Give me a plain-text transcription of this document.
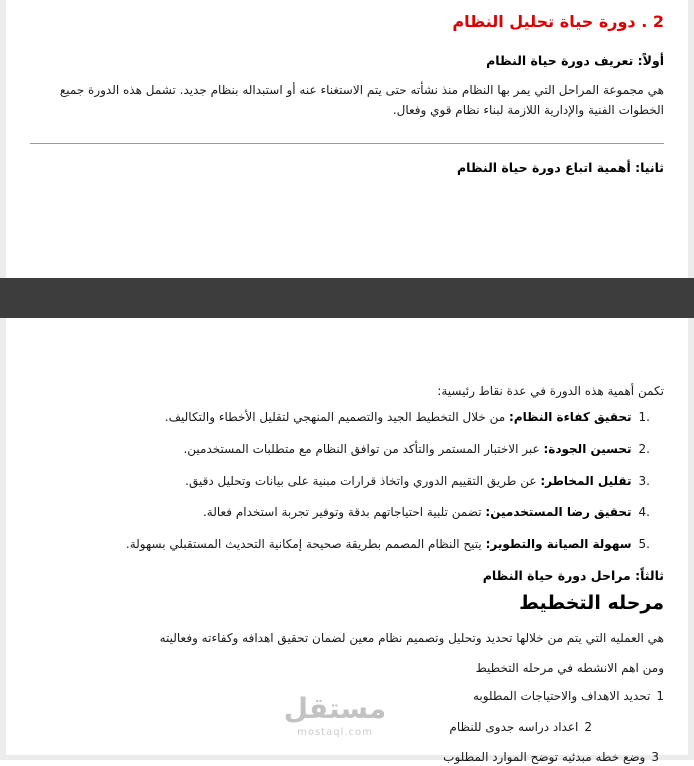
مستقل
mostaql.com
2 . دورة حياة تحليل النظام
أولاً: تعريف دورة حياة النظام

هي مجموعة المراحل التي يمر بها النظام منذ نشأته حتى يتم الاستغناء عنه أو استبداله بنظام جديد. تشمل هذه الدورة جميع الخطوات الفنية والإدارية اللازمة لبناء نظام قوي وفعال.

ثانيا: أهمية اتباع دورة حياة النظام

تكمن أهمية هذه الدورة في عدة نقاط رئيسية:

1.تحقيق كفاءة النظام: من خلال التخطيط الجيد والتصميم المنهجي لتقليل الأخطاء والتكاليف.
2.تحسين الجودة: عبر الاختبار المستمر والتأكد من توافق النظام مع متطلبات المستخدمين.
3.تقليل المخاطر: عن طريق التقييم الدوري واتخاذ قرارات مبنية على بيانات وتحليل دقيق.
4.تحقيق رضا المستخدمين: تضمن تلبية احتياجاتهم بدقة وتوفير تجربة استخدام فعالة.
5.سهولة الصيانة والتطوير: يتيح النظام المصمم بطريقة صحيحة إمكانية التحديث المستقبلي بسهولة.
ثالثاً: مراحل دورة حياة النظام
مرحله التخطيط

هي العمليه التي يتم من خلالها تحديد وتحليل وتصميم نظام معين لضمان تحقيق اهدافه وكفاءته وفعاليته

ومن اهم الانشطه في مرحله التخطيط

1تحديد الاهداف والاحتياجات المطلوبه
2اعداد دراسه جدوى للنظام
3وضع خطه مبدئيه توضح الموارد المطلوب
